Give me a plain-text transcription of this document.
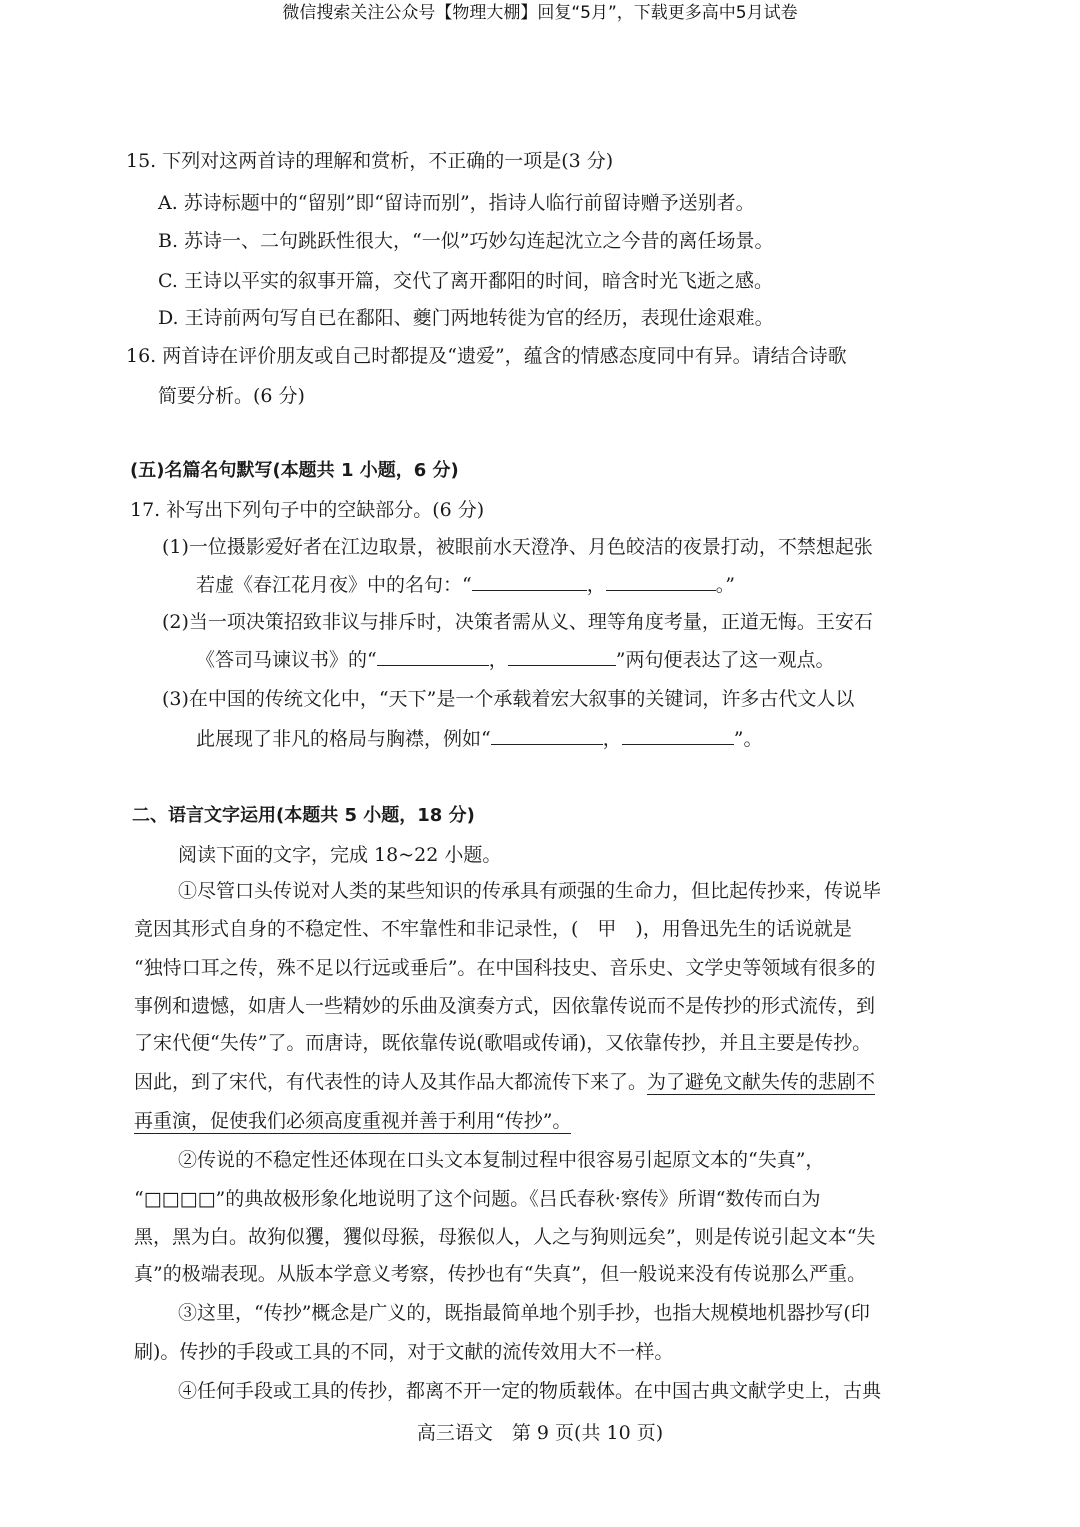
微信搜索关注公众号【物理大棚】回复“5月”，下载更多高中5月试卷
15. 下列对这两首诗的理解和赏析，不正确的一项是(3 分)
A. 苏诗标题中的“留别”即“留诗而别”，指诗人临行前留诗赠予送别者。
B. 苏诗一、二句跳跃性很大，“一似”巧妙勾连起沈立之今昔的离任场景。
C. 王诗以平实的叙事开篇，交代了离开鄱阳的时间，暗含时光飞逝之感。
D. 王诗前两句写自已在鄱阳、夔门两地转徙为官的经历，表现仕途艰难。
16. 两首诗在评价朋友或自己时都提及“遗爱”，蕴含的情感态度同中有异。请结合诗歌
简要分析。(6 分)
(五)名篇名句默写(本题共 1 小题，6 分)
17. 补写出下列句子中的空缺部分。(6 分)
(1)一位摄影爱好者在江边取景，被眼前水天澄净、月色皎洁的夜景打动，不禁想起张
若虚《春江花月夜》中的名句：“	，	。”
(2)当一项决策招致非议与排斥时，决策者需从义、理等角度考量，正道无悔。王安石
《答司马谏议书》的“	，	”两句便表达了这一观点。
(3)在中国的传统文化中，“天下”是一个承载着宏大叙事的关键词，许多古代文人以
此展现了非凡的格局与胸襟，例如“	，	”。
二、语言文字运用(本题共 5 小题，18 分)
阅读下面的文字，完成 18~22 小题。
①尽管口头传说对人类的某些知识的传承具有顽强的生命力，但比起传抄来，传说毕
竟因其形式自身的不稳定性、不牢靠性和非记录性，(　甲　)，用鲁迅先生的话说就是
“独恃口耳之传，殊不足以行远或垂后”。在中国科技史、音乐史、文学史等领域有很多的
事例和遗憾，如唐人一些精妙的乐曲及演奏方式，因依靠传说而不是传抄的形式流传，到
了宋代便“失传”了。而唐诗，既依靠传说(歌唱或传诵)，又依靠传抄，并且主要是传抄。
因此，到了宋代，有代表性的诗人及其作品大都流传下来了。为了避免文献失传的悲剧不
再重演，促使我们必须高度重视并善于利用“传抄”。
②传说的不稳定性还体现在口头文本复制过程中很容易引起原文本的“失真”，
“□□□□”的典故极形象化地说明了这个问题。《吕氏春秋·察传》所谓“数传而白为
黑，黑为白。故狗似玃，玃似母猴，母猴似人，人之与狗则远矣”，则是传说引起文本“失
真”的极端表现。从版本学意义考察，传抄也有“失真”，但一般说来没有传说那么严重。
③这里，“传抄”概念是广义的，既指最简单地个别手抄，也指大规模地机器抄写(印
刷)。传抄的手段或工具的不同，对于文献的流传效用大不一样。
④任何手段或工具的传抄，都离不开一定的物质载体。在中国古典文献学史上，古典
高三语文　第 9 页(共 10 页)
